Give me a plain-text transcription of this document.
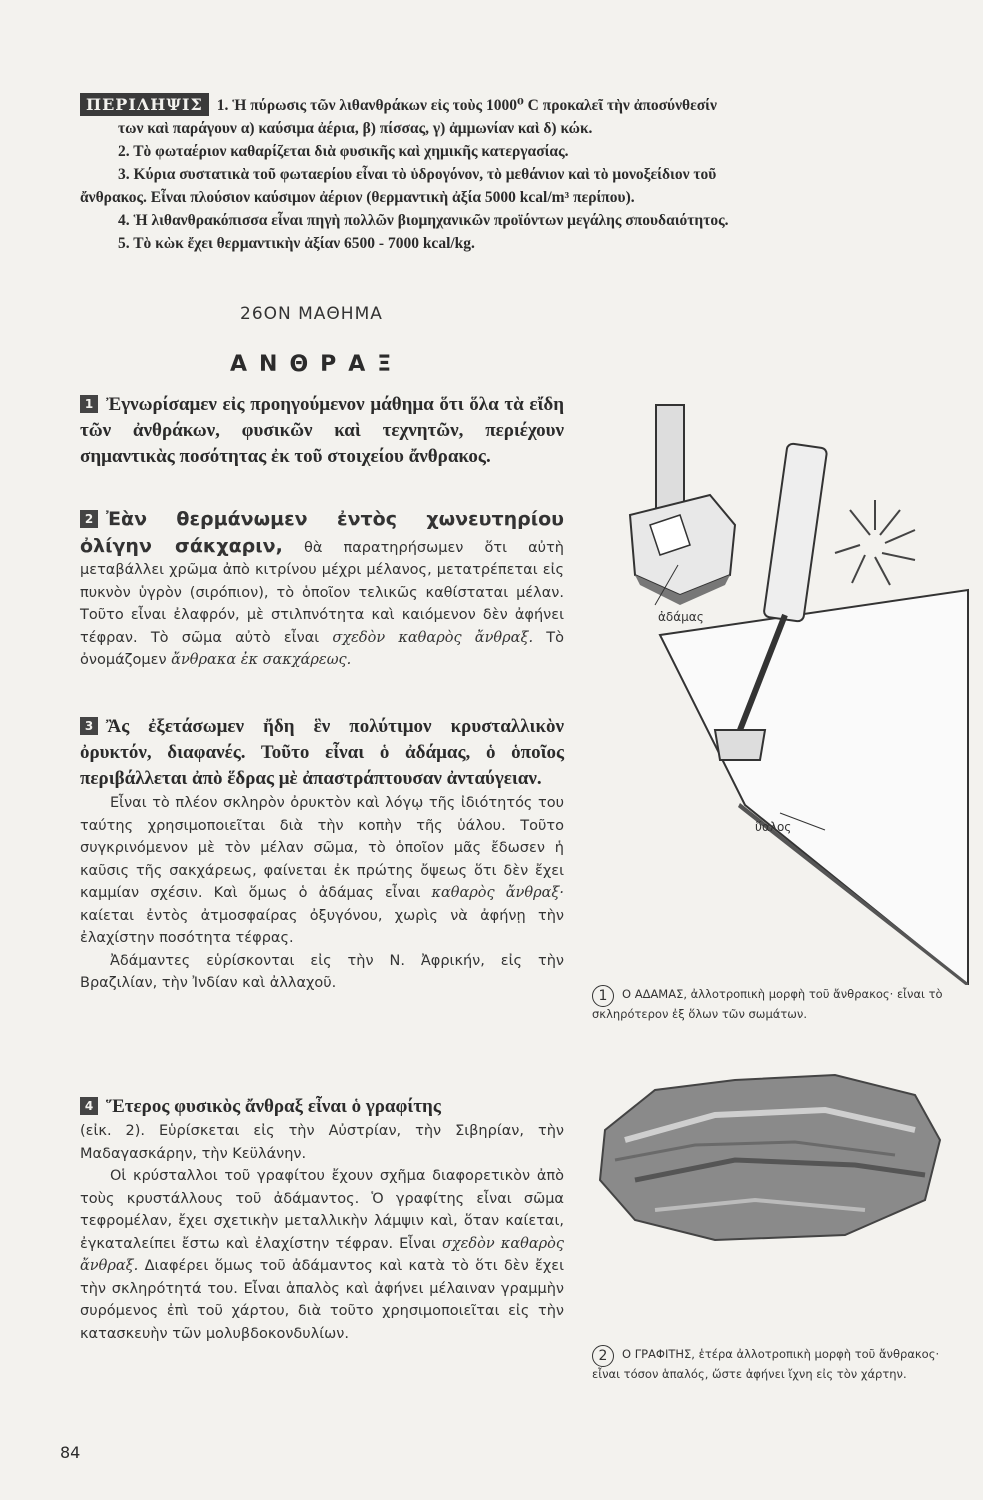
ΠΕΡΙΛΗΨΙΣ 1. Ἡ πύρωσις τῶν λιθανθράκων εἰς τοὺς 1000⁰ C προκαλεῖ τὴν ἀποσύνθεσίν
των καὶ παράγουν α) καύσιμα ἀέρια, β) πίσσας, γ) ἀμμωνίαν καὶ δ) κώκ.
2. Τὸ φωταέριον καθαρίζεται διὰ φυσικῆς καὶ χημικῆς κατεργασίας.
3. Κύρια συστατικὰ τοῦ φωταερίου εἶναι τὸ ὑδρογόνον, τὸ μεθάνιον καὶ τὸ μονοξείδιον τοῦ
ἄνθρακος. Εἶναι πλούσιον καύσιμον ἀέριον (θερμαντικὴ ἀξία 5000 kcal/m³ περίπου).
4. Ἡ λιθανθρακόπισσα εἶναι πηγὴ πολλῶν βιομηχανικῶν προϊόντων μεγάλης σπουδαιότητος.
5. Τὸ κὼκ ἔχει θερμαντικὴν ἀξίαν 6500 - 7000 kcal/kg.
26ΟΝ ΜΑΘΗΜΑ
ΑΝΘΡΑΞ
1 Ἐγνωρίσαμεν εἰς προηγούμενον μάθημα ὅτι ὅλα τὰ εἴδη τῶν ἀνθράκων, φυσικῶν καὶ τεχνητῶν, περιέχουν σημαντικὰς ποσότητας ἐκ τοῦ στοιχείου ἄνθρακος.
2 Ἐὰν θερμάνωμεν ἐντὸς χωνευτηρίου ὀλίγην σάκχαριν, θὰ παρατηρήσωμεν ὅτι αὐτὴ μεταβάλλει χρῶμα ἀπὸ κιτρίνου μέχρι μέλανος, μετατρέπεται εἰς πυκνὸν ὑγρὸν (σιρόπιον), τὸ ὁποῖον τελικῶς καθίσταται μέλαν. Τοῦτο εἶναι ἐλαφρόν, μὲ στιλπνότητα καὶ καιόμενον δὲν ἀφήνει τέφραν. Τὸ σῶμα αὐτὸ εἶναι σχεδὸν καθαρὸς ἄνθραξ. Τὸ ὀνομάζομεν ἄνθρακα ἐκ σακχάρεως.
3 Ἂς ἐξετάσωμεν ἤδη ἓν πολύτιμον κρυσταλλικὸν ὀρυκτόν, διαφανές. Τοῦτο εἶναι ὁ ἀδάμας, ὁ ὁποῖος περιβάλλεται ἀπὸ ἕδρας μὲ ἀπαστράπτουσαν ἀνταύγειαν.
Εἶναι τὸ πλέον σκληρὸν ὀρυκτὸν καὶ λόγῳ τῆς ἰδιότητός του ταύτης χρησιμοποιεῖται διὰ τὴν κοπὴν τῆς ὑάλου. Τοῦτο συγκρινόμενον μὲ τὸν μέλαν σῶμα, τὸ ὁποῖον μᾶς ἔδωσεν ἡ καῦσις τῆς σακχάρεως, φαίνεται ἐκ πρώτης ὄψεως ὅτι δὲν ἔχει καμμίαν σχέσιν. Καὶ ὅμως ὁ ἀδάμας εἶναι καθαρὸς ἄνθραξ· καίεται ἐντὸς ἀτμοσφαίρας ὀξυγόνου, χωρὶς νὰ ἀφήνῃ τὴν ἐλαχίστην ποσότητα τέφρας.
Ἀδάμαντες εὑρίσκονται εἰς τὴν Ν. Ἀφρικήν, εἰς τὴν Βραζιλίαν, τὴν Ἰνδίαν καὶ ἀλλαχοῦ.
4 Ἕτερος φυσικὸς ἄνθραξ εἶναι ὁ γραφίτης
(εἰκ. 2). Εὑρίσκεται εἰς τὴν Αὐστρίαν, τὴν Σιβηρίαν, τὴν Μαδαγασκάρην, τὴν Κεϋλάνην.
Οἱ κρύσταλλοι τοῦ γραφίτου ἔχουν σχῆμα διαφορετικὸν ἀπὸ τοὺς κρυστάλλους τοῦ ἀδάμαντος. Ὁ γραφίτης εἶναι σῶμα τεφρομέλαν, ἔχει σχετικὴν μεταλλικὴν λάμψιν καὶ, ὅταν καίεται, ἐγκαταλείπει ἔστω καὶ ἐλαχίστην τέφραν. Εἶναι σχεδὸν καθαρὸς ἄνθραξ. Διαφέρει ὅμως τοῦ ἀδάμαντος καὶ κατὰ τὸ ὅτι δὲν ἔχει τὴν σκληρότητά του. Εἶναι ἁπαλὸς καὶ ἀφήνει μέλαιναν γραμμὴν συρόμενος ἐπὶ τοῦ χάρτου, διὰ τοῦτο χρησιμοποιεῖται εἰς τὴν κατασκευὴν τῶν μολυβδοκονδυλίων.
ἀδάμας
ὕαλος
1 Ο ΑΔΑΜΑΣ, ἀλλοτροπικὴ μορφὴ τοῦ ἄνθρακος· εἶναι τὸ σκληρότερον ἐξ ὅλων τῶν σωμάτων.
2 Ο ΓΡΑΦΙΤΗΣ, ἑτέρα ἀλλοτροπικὴ μορφὴ τοῦ ἄνθρακος· εἶναι τόσον ἁπαλός, ὥστε ἀφήνει ἴχνη εἰς τὸν χάρτην.
84
